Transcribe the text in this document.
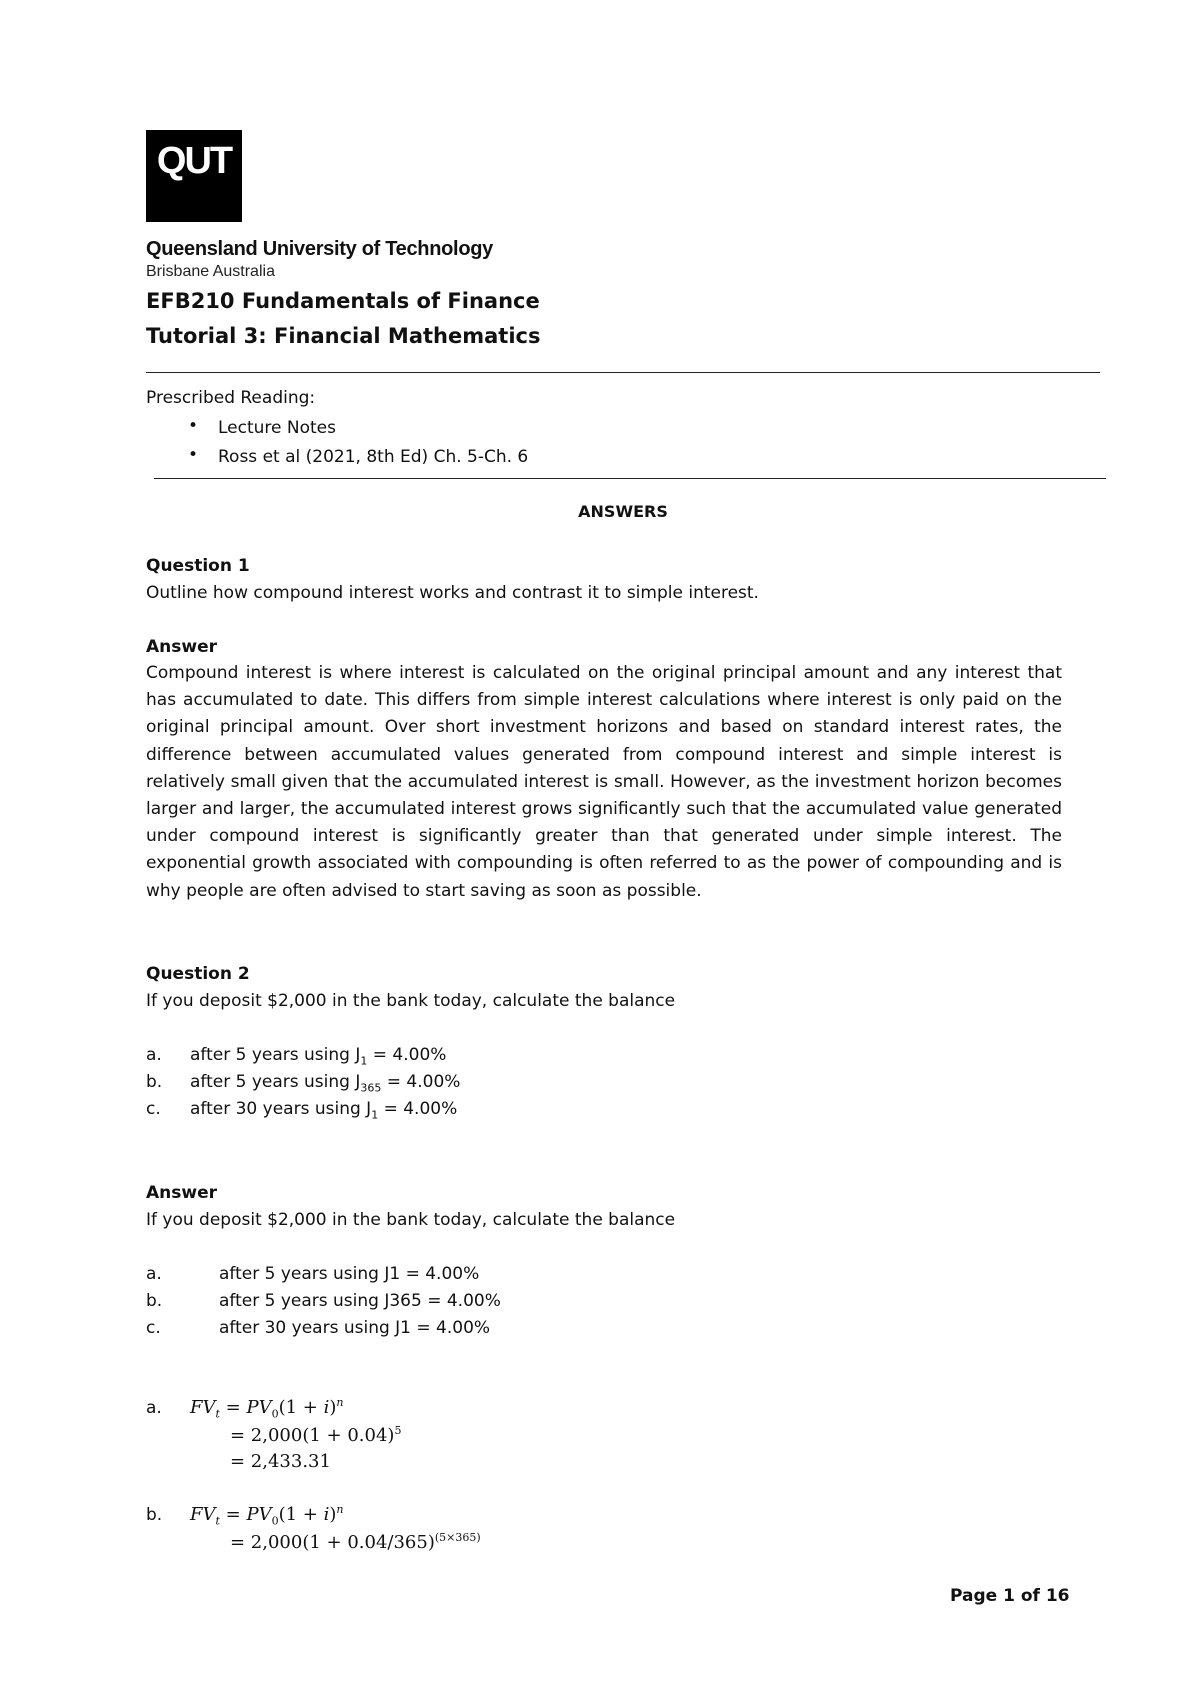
QUT
Queensland University of Technology
Brisbane Australia
EFB210 Fundamentals of Finance
Tutorial 3: Financial Mathematics
Prescribed Reading:
• Lecture Notes
• Ross et al (2021, 8th Ed) Ch. 5-Ch. 6
ANSWERS
Question 1
Outline how compound interest works and contrast it to simple interest.
Answer
Compound interest is where interest is calculated on the original principal amount and any interest that has accumulated to date. This differs from simple interest calculations where interest is only paid on the original principal amount. Over short investment horizons and based on standard interest rates, the difference between accumulated values generated from compound interest and simple interest is relatively small given that the accumulated interest is small. However, as the investment horizon becomes larger and larger, the accumulated interest grows significantly such that the accumulated value generated under compound interest is significantly greater than that generated under simple interest. The exponential growth associated with compounding is often referred to as the power of compounding and is why people are often advised to start saving as soon as possible.
Question 2
If you deposit $2,000 in the bank today, calculate the balance
a. after 5 years using $J_1 = 4.00\%$
b. after 5 years using $J_{365} = 4.00\%$
c. after 30 years using $J_1 = 4.00\%$
Answer
If you deposit $2,000 in the bank today, calculate the balance
a.	after 5 years using J1 = 4.00%
b.	after 5 years using J365 = 4.00%
c.	after 30 years using J1 = 4.00%
a. $FV_t = PV_0(1 + i)^n$
= $2,000(1 + 0.04)^5$
= 2,433.31
b. $FV_t = PV_0(1 + i)^n$
= $2,000(1 + 0.04/365)^{(5\times 365)}$
Page 1 of 16
